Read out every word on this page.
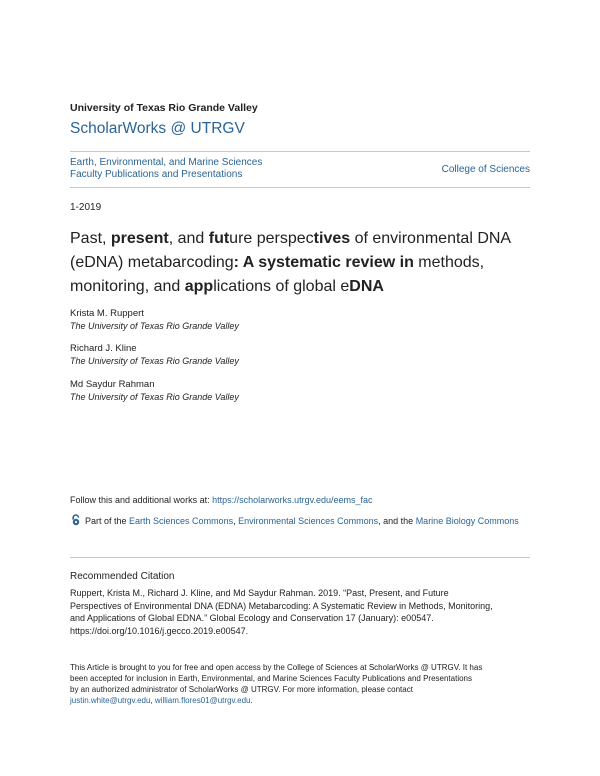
University of Texas Rio Grande Valley
ScholarWorks @ UTRGV
Earth, Environmental, and Marine Sciences
Faculty Publications and Presentations	College of Sciences
1-2019
Past, present, and future perspectives of environmental DNA (eDNA) metabarcoding: A systematic review in methods, monitoring, and applications of global eDNA
Krista M. Ruppert
The University of Texas Rio Grande Valley
Richard J. Kline
The University of Texas Rio Grande Valley
Md Saydur Rahman
The University of Texas Rio Grande Valley
Follow this and additional works at: https://scholarworks.utrgv.edu/eems_fac
Part of the Earth Sciences Commons, Environmental Sciences Commons, and the Marine Biology Commons
Recommended Citation
Ruppert, Krista M., Richard J. Kline, and Md Saydur Rahman. 2019. “Past, Present, and Future
Perspectives of Environmental DNA (EDNA) Metabarcoding: A Systematic Review in Methods, Monitoring,
and Applications of Global EDNA.” Global Ecology and Conservation 17 (January): e00547.
https://doi.org/10.1016/j.gecco.2019.e00547.
This Article is brought to you for free and open access by the College of Sciences at ScholarWorks @ UTRGV. It has
been accepted for inclusion in Earth, Environmental, and Marine Sciences Faculty Publications and Presentations
by an authorized administrator of ScholarWorks @ UTRGV. For more information, please contact
justin.white@utrgv.edu, william.flores01@utrgv.edu.
